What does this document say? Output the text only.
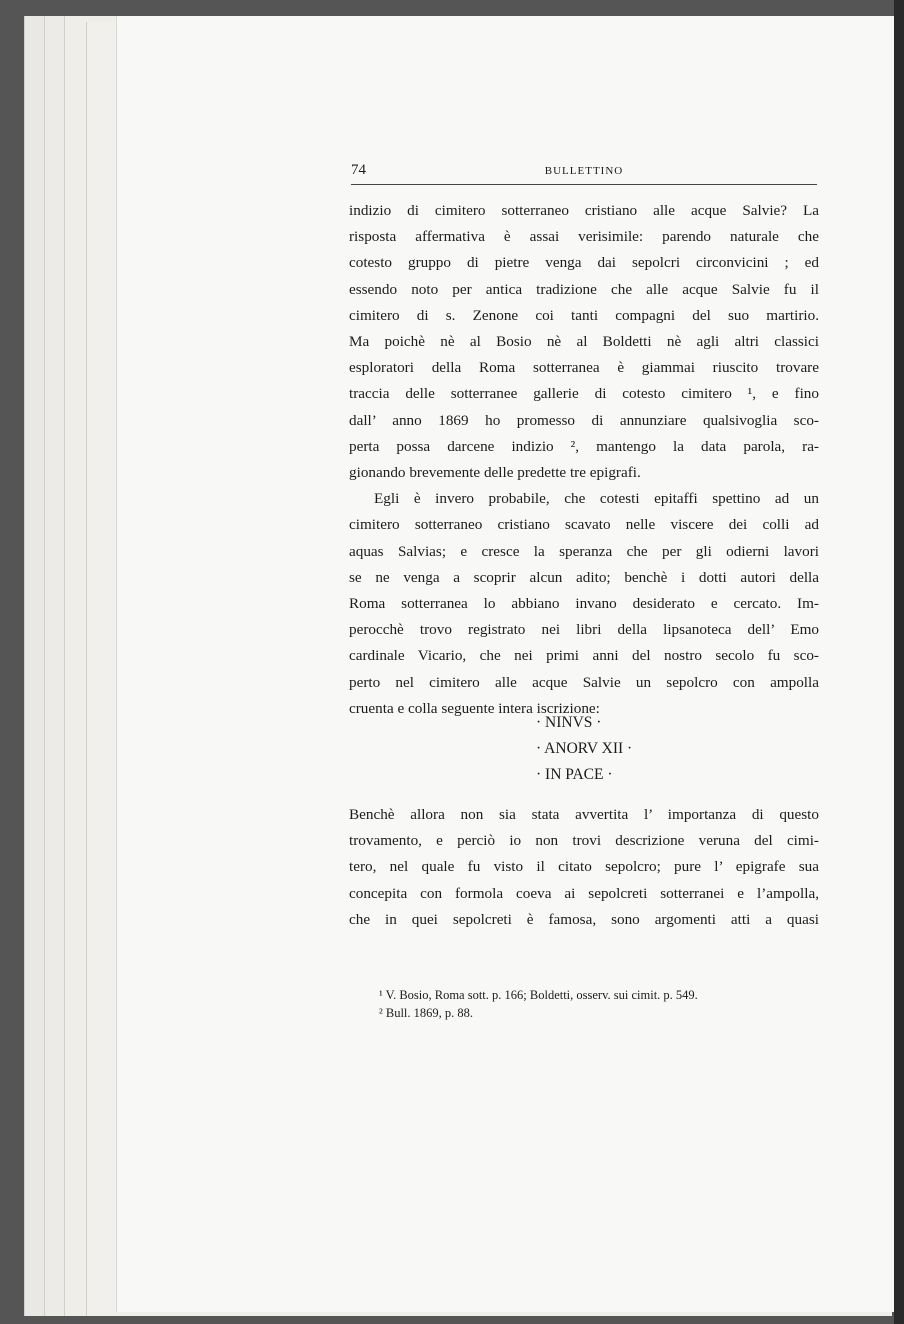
74	BULLETTINO

indizio di cimitero sotterraneo cristiano alle acque Salvie? La
risposta affermativa è assai verisimile: parendo naturale che
cotesto gruppo di pietre venga dai sepolcri circonvicini ; ed
essendo noto per antica tradizione che alle acque Salvie fu il
cimitero di s. Zenone coi tanti compagni del suo martirio.
Ma poichè nè al Bosio nè al Boldetti nè agli altri classici
esploratori della Roma sotterranea è giammai riuscito trovare
traccia delle sotterranee gallerie di cotesto cimitero ¹, e fino
dall’ anno 1869 ho promesso di annunziare qualsivoglia sco-
perta possa darcene indizio ², mantengo la data parola, ra-
gionando brevemente delle predette tre epigrafi.

Egli è invero probabile, che cotesti epitaffi spettino ad un
cimitero sotterraneo cristiano scavato nelle viscere dei colli ad
aquas Salvias; e cresce la speranza che per gli odierni lavori
se ne venga a scoprir alcun adito; benchè i dotti autori della
Roma sotterranea lo abbiano invano desiderato e cercato. Im-
perocchè trovo registrato nei libri della lipsanoteca dell’ Emo
cardinale Vicario, che nei primi anni del nostro secolo fu sco-
perto nel cimitero alle acque Salvie un sepolcro con ampolla
cruenta e colla seguente intera iscrizione:

· NINVS ·
· ANORV XII ·
· IN PACE ·
Benchè allora non sia stata avvertita l’ importanza di questo
trovamento, e perciò io non trovi descrizione veruna del cimi-
tero, nel quale fu visto il citato sepolcro; pure l’ epigrafe sua
concepita con formola coeva ai sepolcreti sotterranei e l’ampolla,
che in quei sepolcreti è famosa, sono argomenti atti a quasi
¹ V. Bosio, Roma sott. p. 166; Boldetti, osserv. sui cimit. p. 549.
² Bull. 1869, p. 88.
